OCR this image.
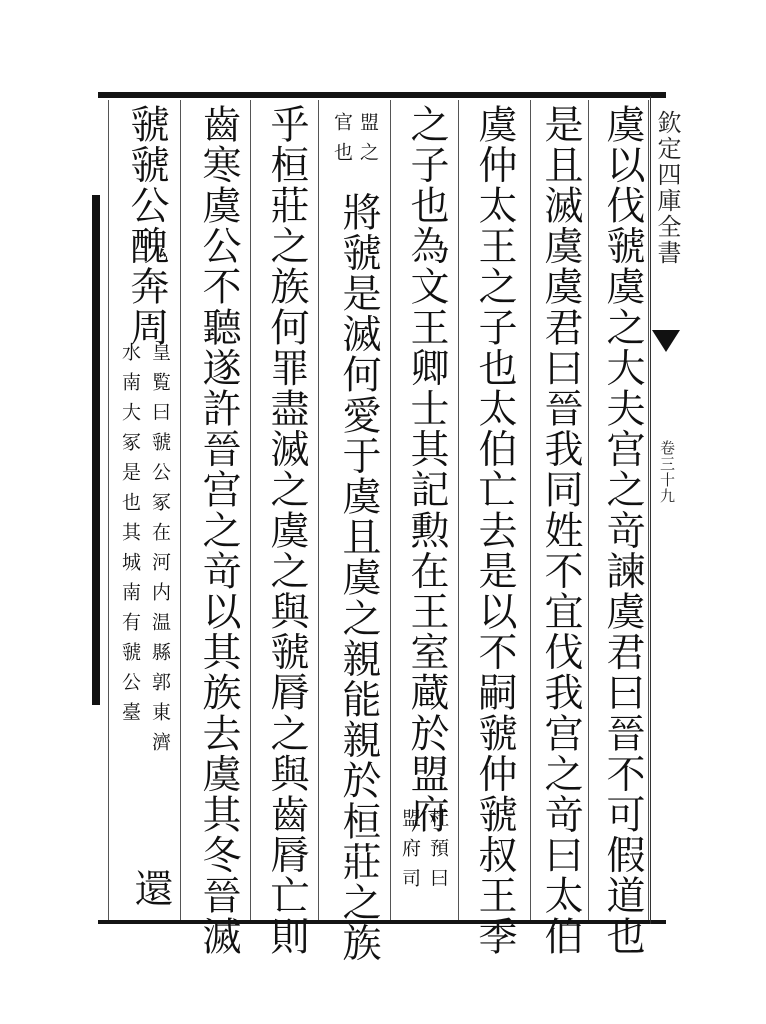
欽定四庫全書
卷三十九
虞以伐虢虞之大夫宫之竒諫虞君曰晉不可假道也
是且滅虞虞君曰晉我同姓不宜伐我宫之竒曰太伯
虞仲太王之子也太伯亡去是以不嗣虢仲虢叔王季
之子也為文王卿士其記勲在王室蔵於盟府
杜預曰
盟府司
盟之
官也
將虢是滅何愛于虞且虞之親能親於桓莊之族
乎桓莊之族何罪盡滅之虞之與虢脣之與齒脣亡則
齒寒虞公不聽遂許晉宫之竒以其族去虞其冬晉滅
虢虢公醜奔周
皇覧曰虢公冢在河内温縣郭東濟
水南大冢是也其城南有虢公臺
還
